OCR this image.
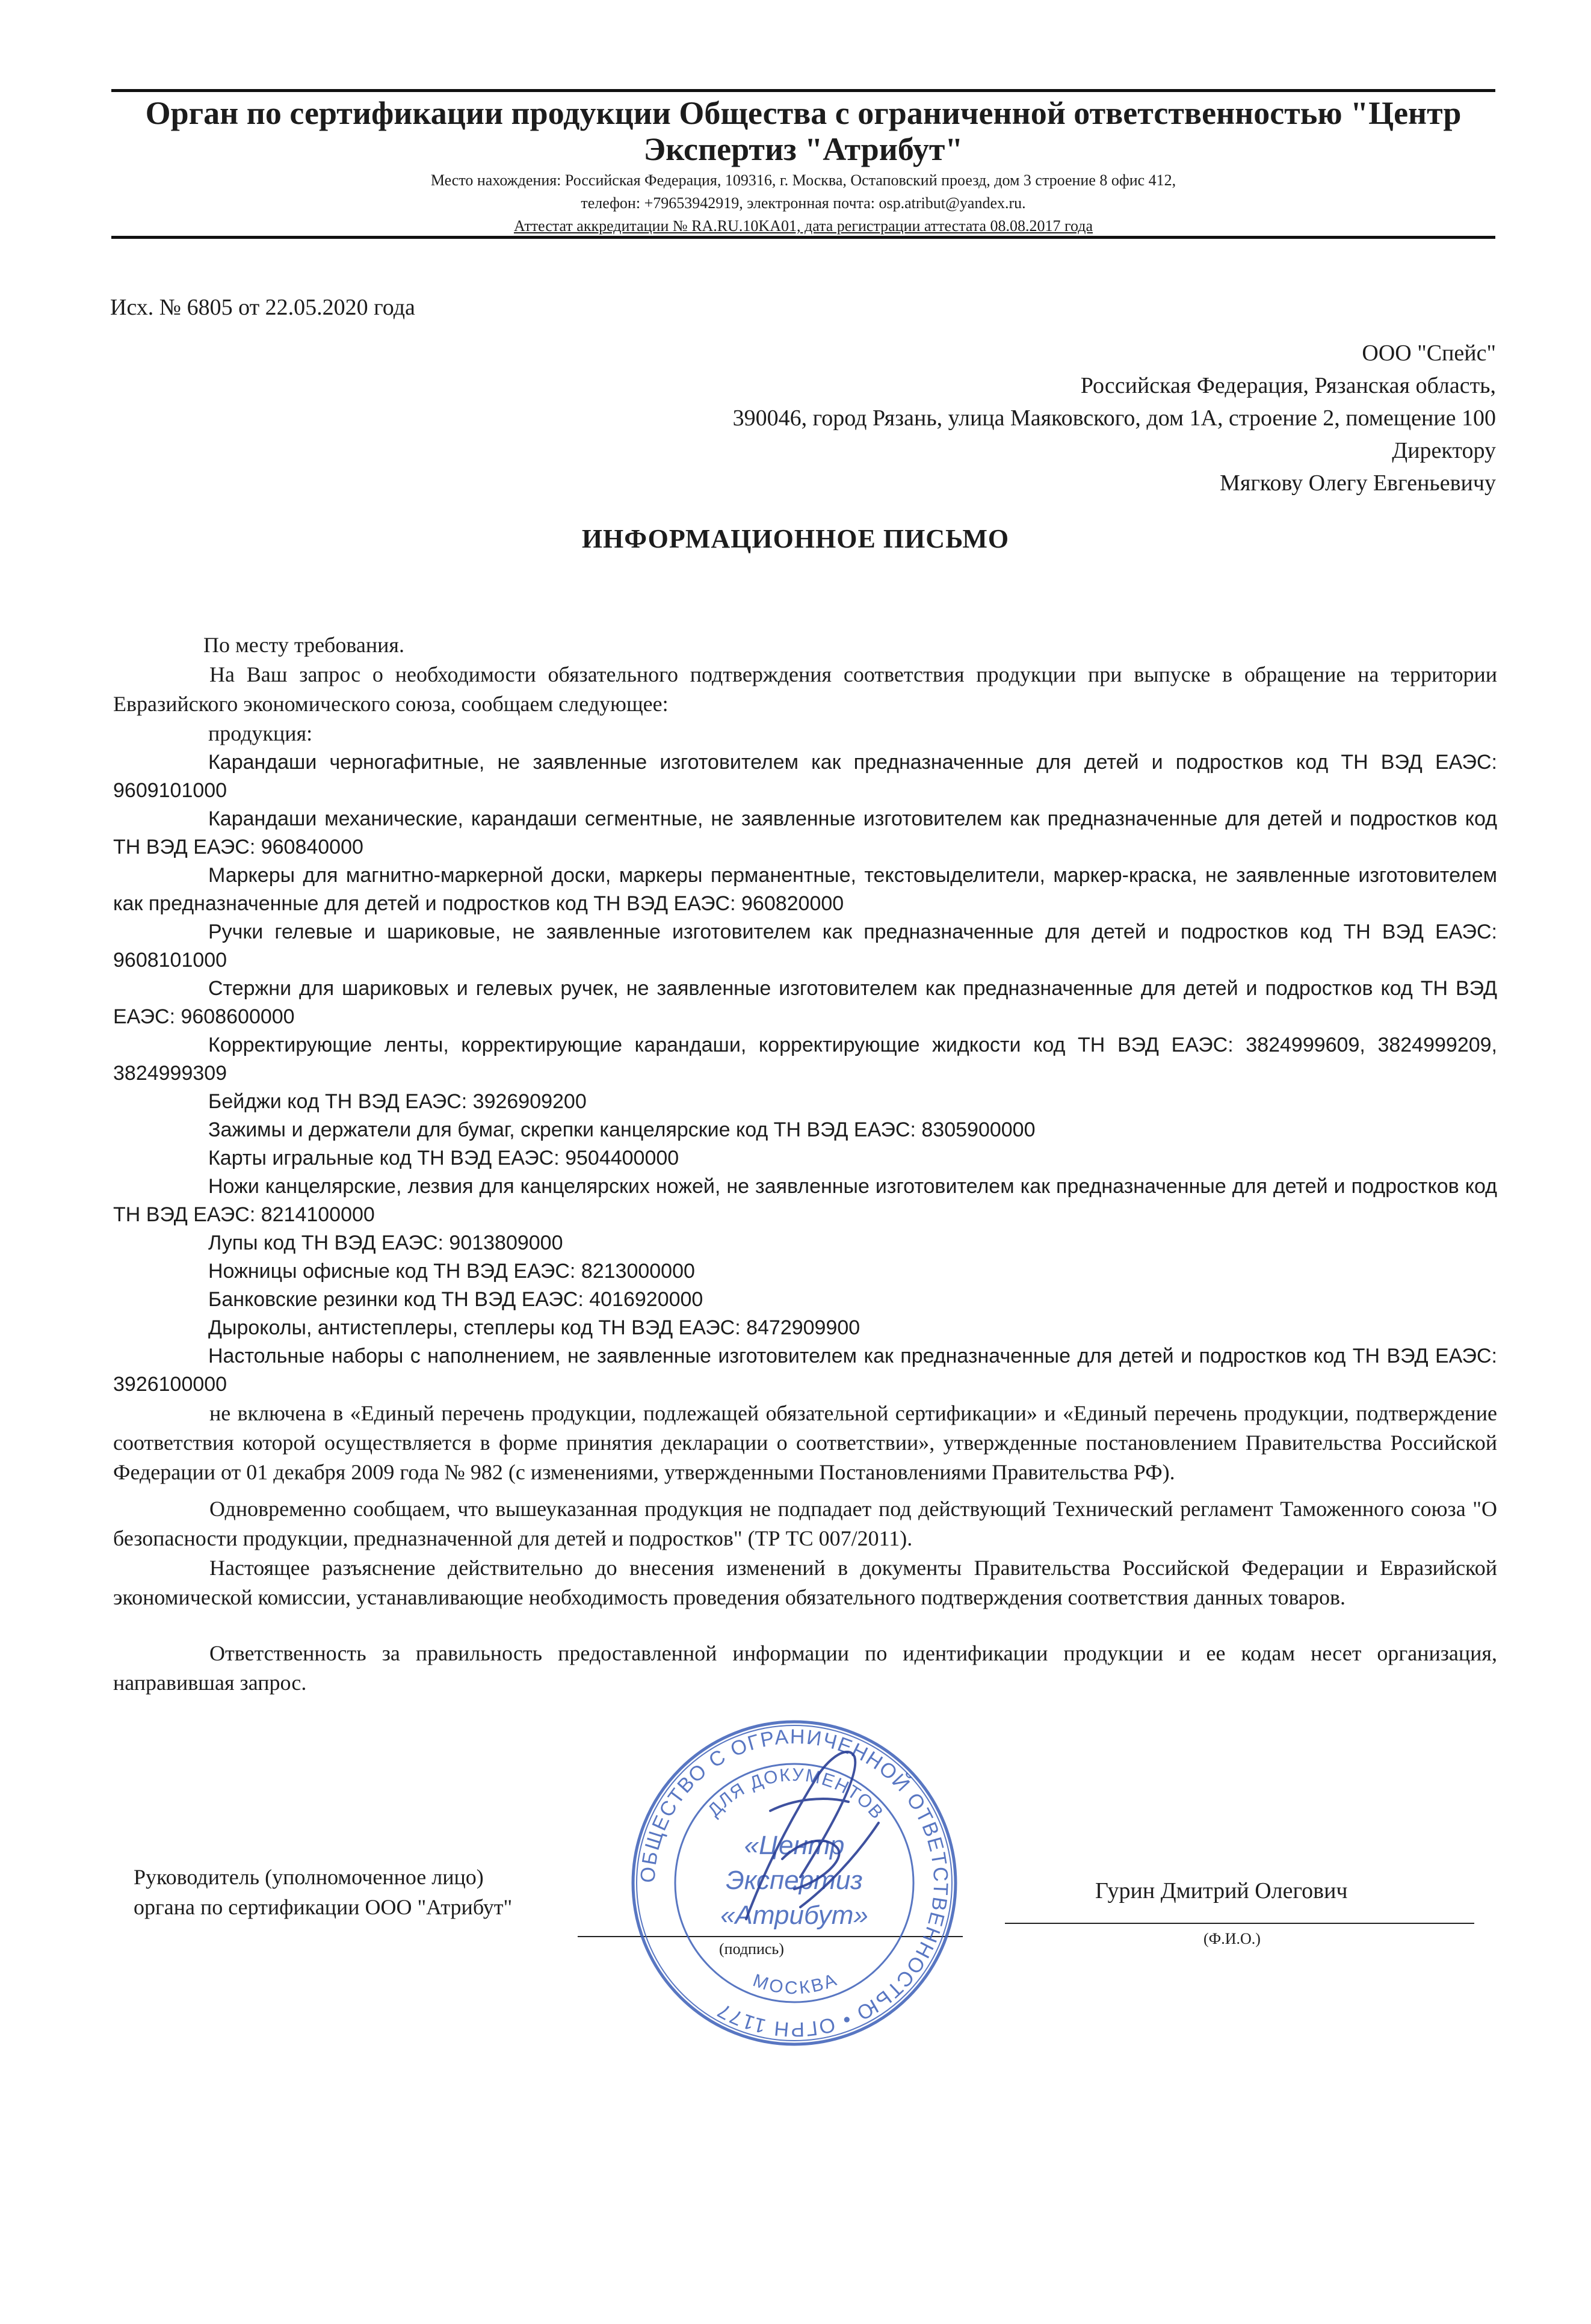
Орган по сертификации продукции Общества с ограниченной ответственностью "Центр
Экспертиз "Атрибут"
Место нахождения: Российская Федерация, 109316, г. Москва, Остаповский проезд, дом 3 строение 8 офис 412,
телефон: +79653942919, электронная почта: osp.atribut@yandex.ru.
Аттестат аккредитации № RA.RU.10KA01, дата регистрации аттестата 08.08.2017 года
Исх. № 6805 от 22.05.2020 года
ООО "Спейс"
Российская Федерация, Рязанская область,
390046, город Рязань, улица Маяковского, дом 1А, строение 2, помещение 100
Директору
Мягкову Олегу Евгеньевичу
ИНФОРМАЦИОННОЕ ПИСЬМО

По месту требования.

На Ваш запрос о необходимости обязательного подтверждения соответствия продукции при выпуске в обращение на территории Евразийского экономического союза, сообщаем следующее:

продукция:

Карандаши черногафитные, не заявленные изготовителем как предназначенные для детей и подростков код ТН ВЭД ЕАЭС: 9609101000

Карандаши механические, карандаши сегментные, не заявленные изготовителем как предназначенные для детей и подростков код ТН ВЭД ЕАЭС: 960840000

Маркеры для магнитно-маркерной доски, маркеры перманентные, текстовыделители, маркер-краска, не заявленные изготовителем как предназначенные для детей и подростков код ТН ВЭД ЕАЭС: 960820000

Ручки гелевые и шариковые, не заявленные изготовителем как предназначенные для детей и подростков код ТН ВЭД ЕАЭС: 9608101000

Стержни для шариковых и гелевых ручек, не заявленные изготовителем как предназначенные для детей и подростков код ТН ВЭД ЕАЭС: 9608600000

Корректирующие ленты, корректирующие карандаши, корректирующие жидкости код ТН ВЭД ЕАЭС: 3824999609, 3824999209, 3824999309

Бейджи код ТН ВЭД ЕАЭС: 3926909200

Зажимы и держатели для бумаг, скрепки канцелярские код ТН ВЭД ЕАЭС: 8305900000

Карты игральные код ТН ВЭД ЕАЭС: 9504400000

Ножи канцелярские, лезвия для канцелярских ножей, не заявленные изготовителем как предназначенные для детей и подростков код ТН ВЭД ЕАЭС: 8214100000

Лупы код ТН ВЭД ЕАЭС: 9013809000

Ножницы офисные код ТН ВЭД ЕАЭС: 8213000000

Банковские резинки код ТН ВЭД ЕАЭС: 4016920000

Дыроколы, антистеплеры, степлеры код ТН ВЭД ЕАЭС: 8472909900

Настольные наборы с наполнением, не заявленные изготовителем как предназначенные для детей и подростков код ТН ВЭД ЕАЭС: 3926100000

не включена в «Единый перечень продукции, подлежащей обязательной сертификации» и «Единый перечень продукции, подтверждение соответствия которой осуществляется в форме принятия декларации о соответствии», утвержденные постановлением Правительства Российской Федерации от 01 декабря 2009 года № 982 (с изменениями, утвержденными Постановлениями Правительства РФ).

Одновременно сообщаем, что вышеуказанная продукция не подпадает под действующий Технический регламент Таможенного союза "О безопасности продукции, предназначенной для детей и подростков" (ТР ТС 007/2011).

Настоящее разъяснение действительно до внесения изменений в документы Правительства Российской Федерации и Евразийской экономической комиссии, устанавливающие необходимость проведения обязательного подтверждения соответствия данных товаров.

Ответственность за правильность предоставленной информации по идентификации продукции и ее кодам несет организация, направившая запрос.

Руководитель (уполномоченное лицо)
органа по сертификации ООО "Атрибут"
(подпись)
Гурин Дмитрий Олегович
(Ф.И.О.)
ОБЩЕСТВО С ОГРАНИЧЕННОЙ ОТВЕТСТВЕННОСТЬЮ • ОГРН 1177
ДЛЯ ДОКУМЕНТОВ
«Центр
Экспертиз
«Атрибут»
МОСКВА
